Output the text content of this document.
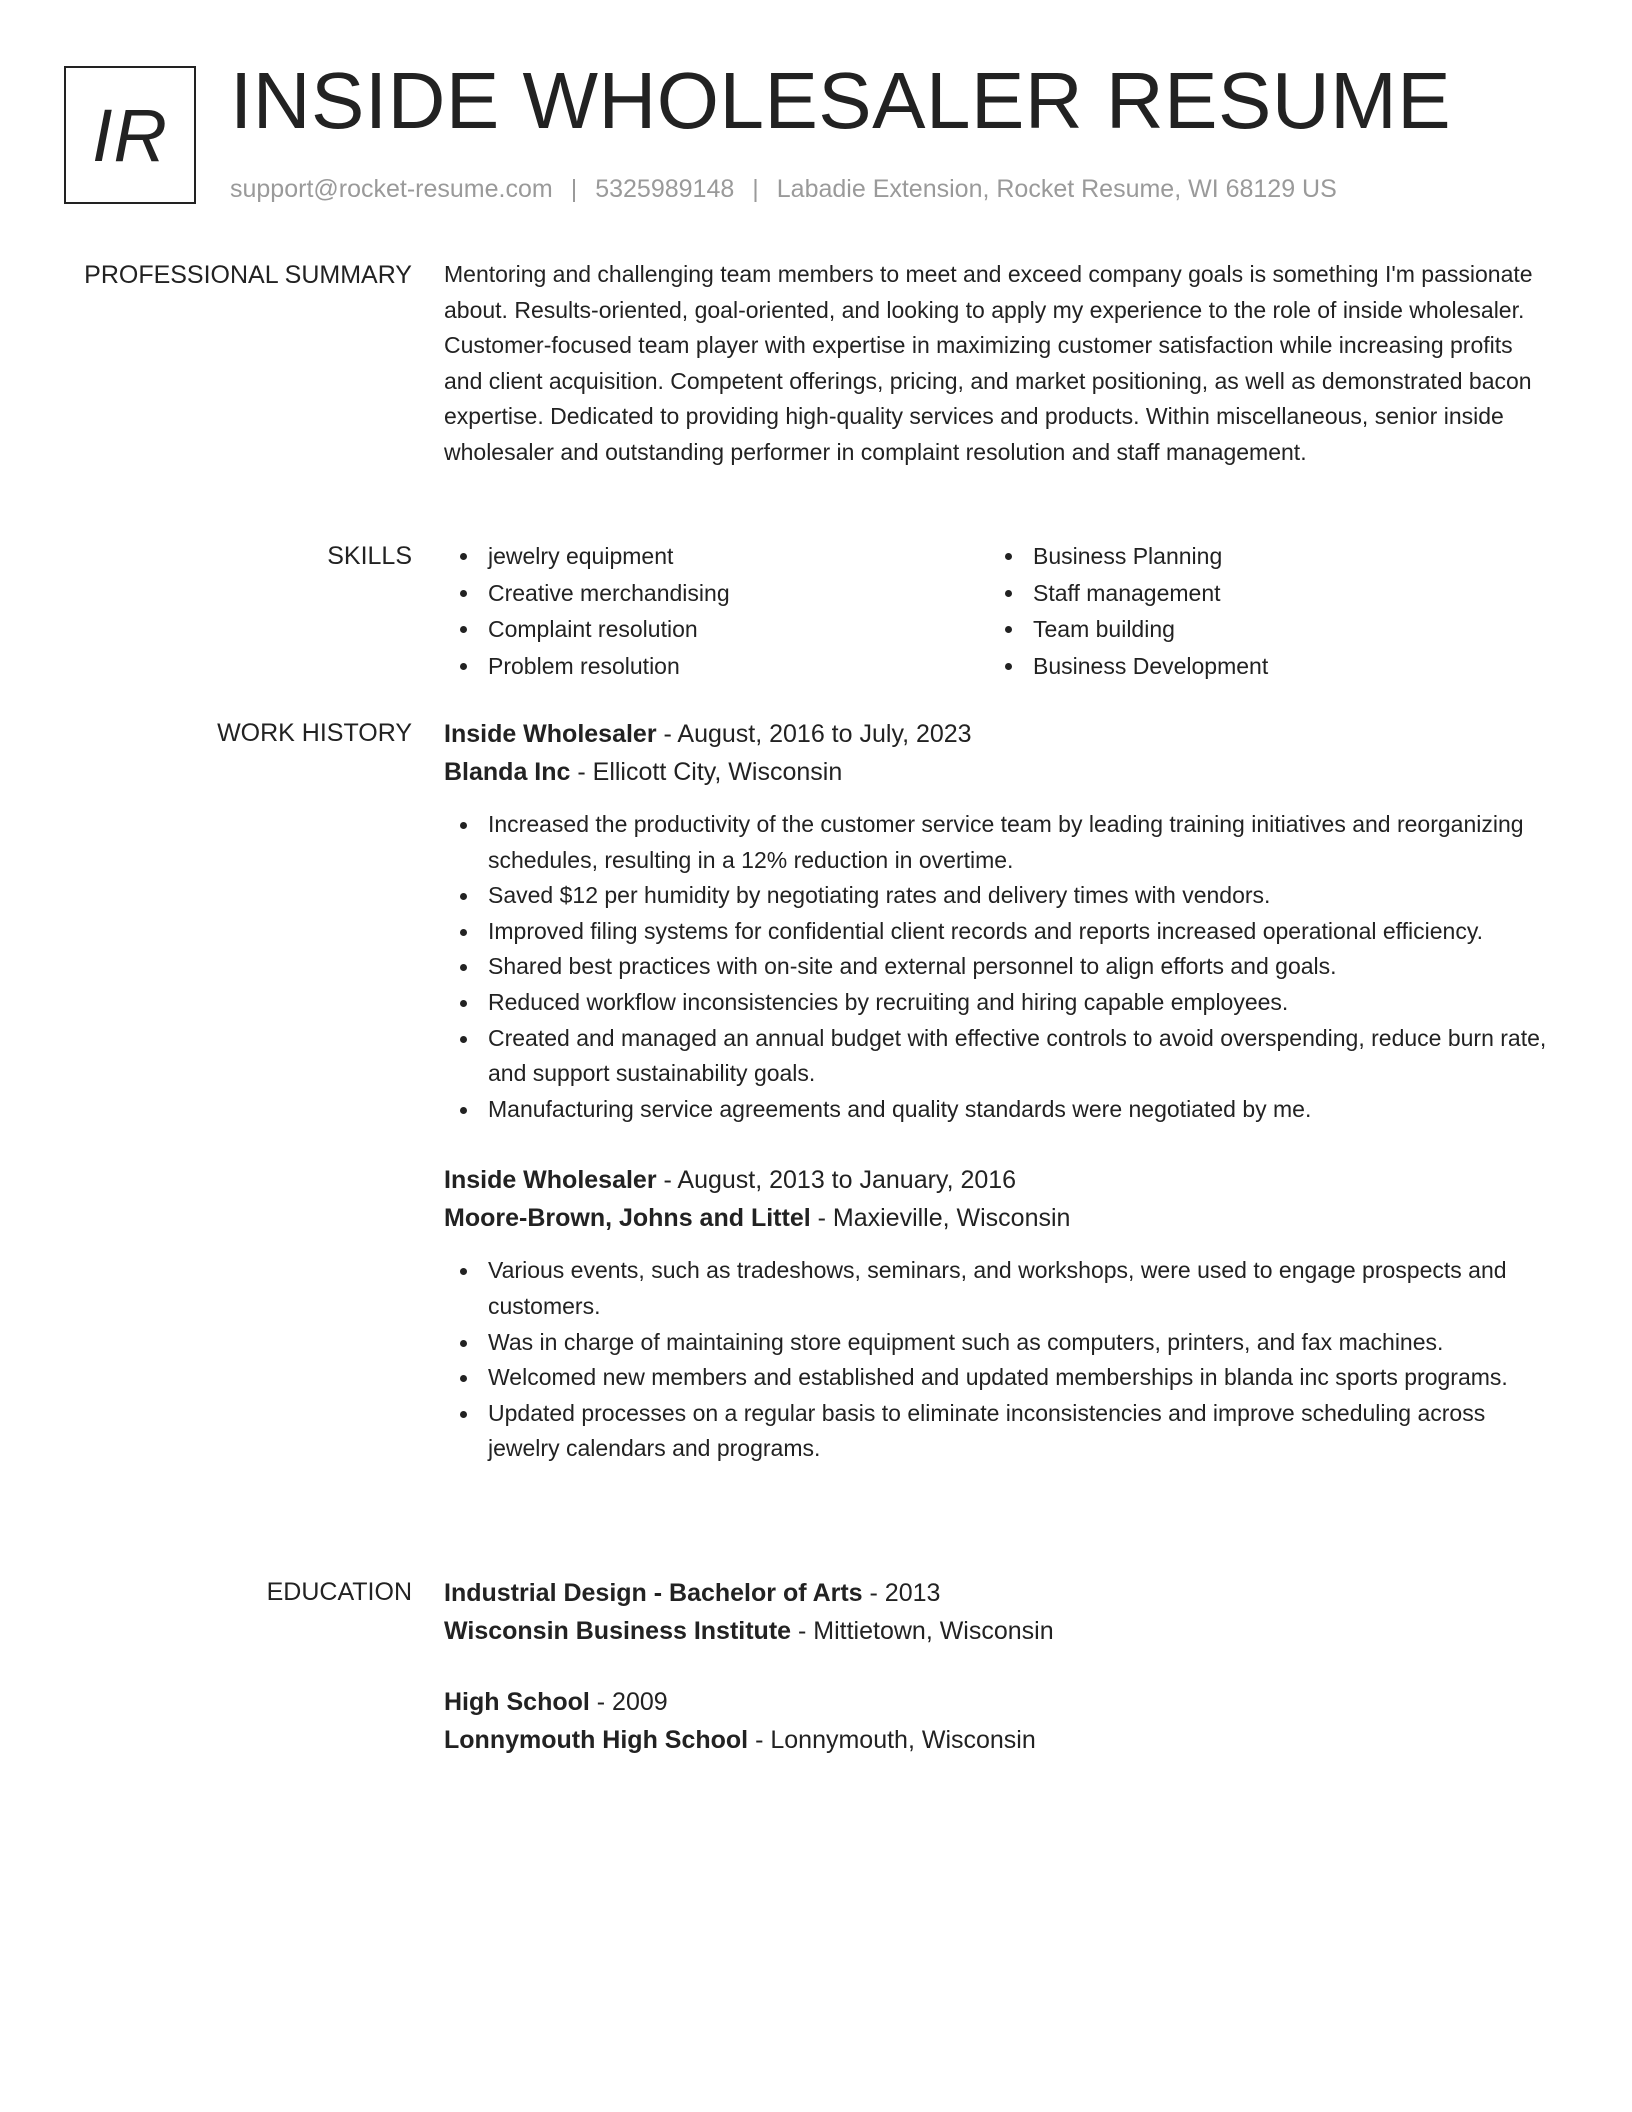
IR INSIDE WHOLESALER RESUME
support@rocket-resume.com | 5325989148 | Labadie Extension, Rocket Resume, WI 68129 US
PROFESSIONAL SUMMARY Mentoring and challenging team members to meet and exceed company goals is something I'm passionate about. Results-oriented, goal-oriented, and looking to apply my experience to the role of inside wholesaler. Customer-focused team player with expertise in maximizing customer satisfaction while increasing profits and client acquisition. Competent offerings, pricing, and market positioning, as well as demonstrated bacon expertise. Dedicated to providing high-quality services and products. Within miscellaneous, senior inside wholesaler and outstanding performer in complaint resolution and staff management.

SKILLS	jewelry equipment
Creative merchandising
Complaint resolution
Problem resolution
Business Planning
Staff management
Team building
Business Development
WORK HISTORY Inside Wholesaler - August, 2016 to July, 2023
Blanda Inc - Ellicott City, Wisconsin
Increased the productivity of the customer service team by leading training initiatives and reorganizing schedules, resulting in a 12% reduction in overtime.
Saved $12 per humidity by negotiating rates and delivery times with vendors.
Improved filing systems for confidential client records and reports increased operational efficiency.
Shared best practices with on-site and external personnel to align efforts and goals.
Reduced workflow inconsistencies by recruiting and hiring capable employees.
Created and managed an annual budget with effective controls to avoid overspending, reduce burn rate, and support sustainability goals.
Manufacturing service agreements and quality standards were negotiated by me.
Inside Wholesaler - August, 2013 to January, 2016
Moore-Brown, Johns and Littel - Maxieville, Wisconsin
Various events, such as tradeshows, seminars, and workshops, were used to engage prospects and customers.
Was in charge of maintaining store equipment such as computers, printers, and fax machines.
Welcomed new members and established and updated memberships in blanda inc sports programs.
Updated processes on a regular basis to eliminate inconsistencies and improve scheduling across jewelry calendars and programs.
EDUCATION Industrial Design - Bachelor of Arts - 2013
Wisconsin Business Institute - Mittietown, Wisconsin
High School - 2009
Lonnymouth High School - Lonnymouth, Wisconsin
